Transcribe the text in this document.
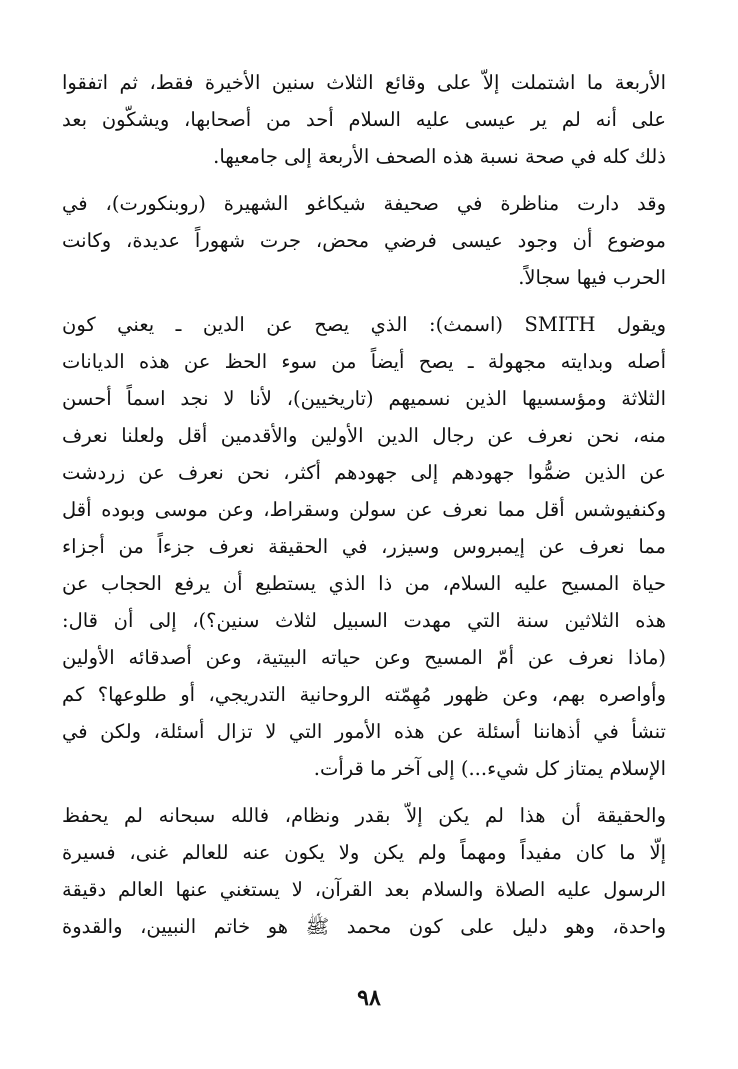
الأربعة ما اشتملت إلاّ على وقائع الثلاث سنين الأخيرة فقط، ثم اتفقوا
على أنه لم ير عيسى عليه السلام أحد من أصحابها، ويشكّون بعد
ذلك كله في صحة نسبة هذه الصحف الأربعة إلى جامعيها.
وقد دارت مناظرة في صحيفة شيكاغو الشهيرة (روبنكورت)، في
موضوع أن وجود عيسى فرضي محض، جرت شهوراً عديدة، وكانت
الحرب فيها سجالاً.
ويقول SMITH (اسمث): الذي يصح عن الدين ـ يعني كون
أصله وبدايته مجهولة ـ يصح أيضاً من سوء الحظ عن هذه الديانات
الثلاثة ومؤسسيها الذين نسميهم (تاريخيين)، لأنا لا نجد اسماً أحسن
منه، نحن نعرف عن رجال الدين الأولين والأقدمين أقل ولعلنا نعرف
عن الذين ضمُّوا جهودهم إلى جهودهم أكثر، نحن نعرف عن زردشت
وكنفيوشس أقل مما نعرف عن سولن وسقراط، وعن موسى وبوده أقل
مما نعرف عن إيمبروس وسيزر، في الحقيقة نعرف جزءاً من أجزاء
حياة المسيح عليه السلام، من ذا الذي يستطيع أن يرفع الحجاب عن
هذه الثلاثين سنة التي مهدت السبيل لثلاث سنين؟)، إلى أن قال:
(ماذا نعرف عن أمّ المسيح وعن حياته البيتية، وعن أصدقائه الأولين
وأواصره بهم، وعن ظهور مُهِمّته الروحانية التدريجي، أو طلوعها؟ كم
تنشأ في أذهاننا أسئلة عن هذه الأمور التي لا تزال أسئلة، ولكن في
الإسلام يمتاز كل شيء...) إلى آخر ما قرأت.
والحقيقة أن هذا لم يكن إلاّ بقدر ونظام، فالله سبحانه لم يحفظ
إلّا ما كان مفيداً ومهماً ولم يكن ولا يكون عنه للعالم غنى، فسيرة
الرسول عليه الصلاة والسلام بعد القرآن، لا يستغني عنها العالم دقيقة
واحدة، وهو دليل على كون محمد ﷺ هو خاتم النبيين، والقدوة
٩٨
